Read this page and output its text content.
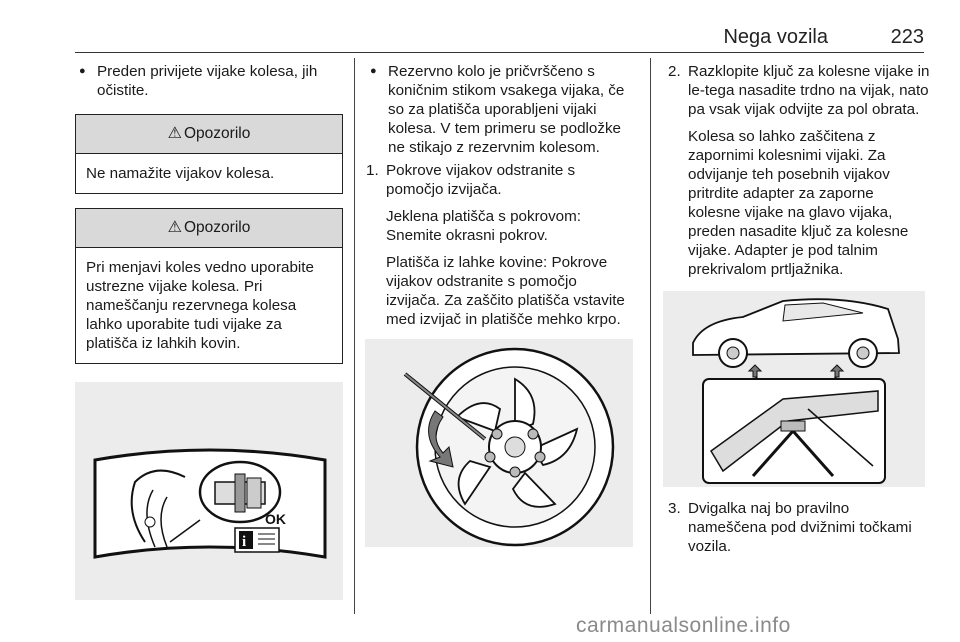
Nega vozila	223

● Preden privijete vijake kolesa, jih očistite.

⚠ Opozorilo
Ne namažite vijakov kolesa.
⚠ Opozorilo
Pri menjavi koles vedno uporabite ustrezne vijake kolesa. Pri nameščanju rezervnega kolesa lahko uporabite tudi vijake za platišča iz lahkih kovin.
OK
i

● Rezervno kolo je pričvrščeno s koničnim stikom vsakega vijaka, če so za platišča uporabljeni vijaki kolesa. V tem primeru se podložke ne stikajo z rezervnim kolesom.

1. Pokrove vijakov odstranite s pomočjo izvijača.

Jeklena platišča s pokrovom: Snemite okrasni pokrov.

Platišča iz lahke kovine: Pokrove vijakov odstranite s pomočjo izvijača. Za zaščito platišča vstavite med izvijač in platišče mehko krpo.

2. Razklopite ključ za kolesne vijake in le-tega nasadite trdno na vijak, nato pa vsak vijak odvijte za pol obrata.

Kolesa so lahko zaščitena z zapornimi kolesnimi vijaki. Za odvijanje teh posebnih vijakov pritrdite adapter za zaporne kolesne vijake na glavo vijaka, preden nasadite ključ za kolesne vijake. Adapter je pod talnim prekrivalom prtljažnika.

3. Dvigalka naj bo pravilno nameščena pod dvižnimi točkami vozila.

carmanualsonline.info
